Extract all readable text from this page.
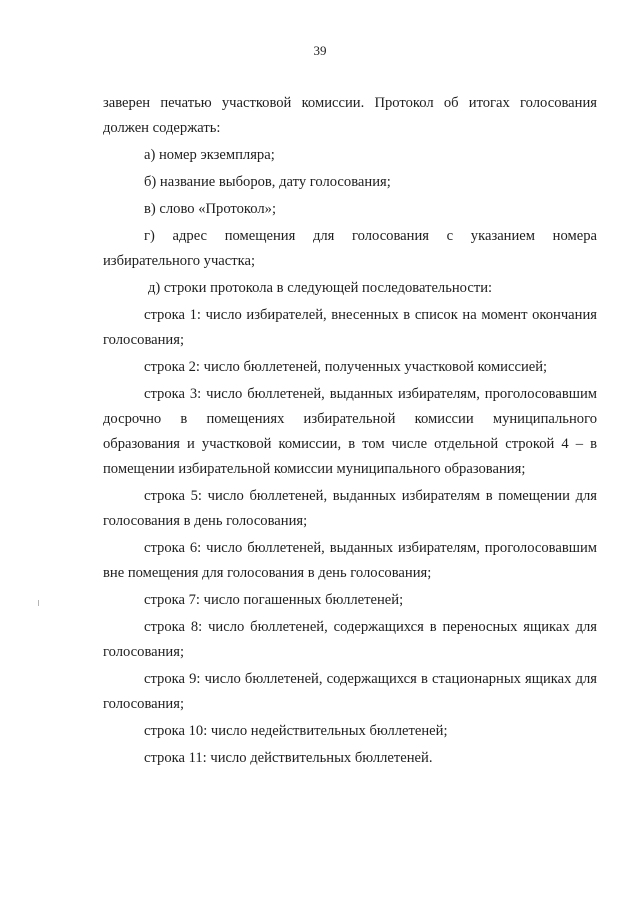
39

заверен печатью участковой комиссии. Протокол об итогах голосования должен содержать:

а) номер экземпляра;

б) название выборов, дату голосования;

в) слово «Протокол»;

г) адрес помещения для голосования с указанием номера избирательного участка;

д) строки протокола в следующей последовательности:

строка 1: число избирателей, внесенных в список на момент окончания голосования;

строка 2: число бюллетеней, полученных участковой комиссией;

строка 3: число бюллетеней, выданных избирателям, проголосовавшим досрочно в помещениях избирательной комиссии муниципального образования и участковой комиссии, в том числе отдельной строкой 4 – в помещении избирательной комиссии муниципального образования;

строка 5: число бюллетеней, выданных избирателям в помещении для голосования в день голосования;

строка 6: число бюллетеней, выданных избирателям, проголосовавшим вне помещения для голосования в день голосования;

строка 7: число погашенных бюллетеней;

строка 8: число бюллетеней, содержащихся в переносных ящиках для голосования;

строка 9: число бюллетеней, содержащихся в стационарных ящиках для голосования;

строка 10: число недействительных бюллетеней;

строка 11: число действительных бюллетеней.
